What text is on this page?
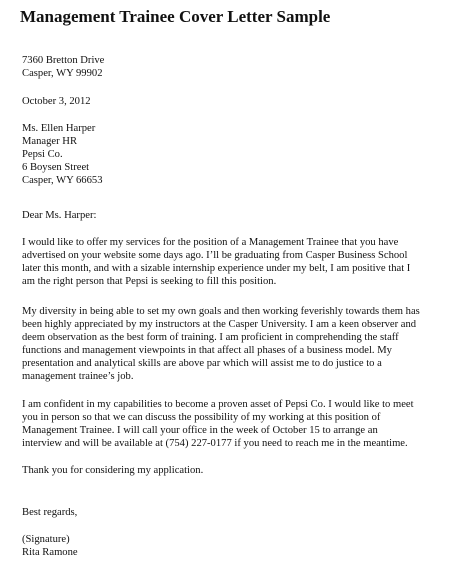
Management Trainee Cover Letter Sample
7360 Bretton Drive
Casper, WY 99902
October 3, 2012
Ms. Ellen Harper
Manager HR
Pepsi Co.
6 Boysen Street
Casper, WY 66653
Dear Ms. Harper:
I would like to offer my services for the position of a Management Trainee that you have
advertised on your website some days ago. I’ll be graduating from Casper Business School
later this month, and with a sizable internship experience under my belt, I am positive that I
am the right person that Pepsi is seeking to fill this position.
My diversity in being able to set my own goals and then working feverishly towards them has
been highly appreciated by my instructors at the Casper University. I am a keen observer and
deem observation as the best form of training. I am proficient in comprehending the staff
functions and management viewpoints in that affect all phases of a business model. My
presentation and analytical skills are above par which will assist me to do justice to a
management trainee’s job.
I am confident in my capabilities to become a proven asset of Pepsi Co. I would like to meet
you in person so that we can discuss the possibility of my working at this position of
Management Trainee. I will call your office in the week of October 15 to arrange an
interview and will be available at (754) 227-0177 if you need to reach me in the meantime.
Thank you for considering my application.
Best regards,
(Signature)
Rita Ramone
